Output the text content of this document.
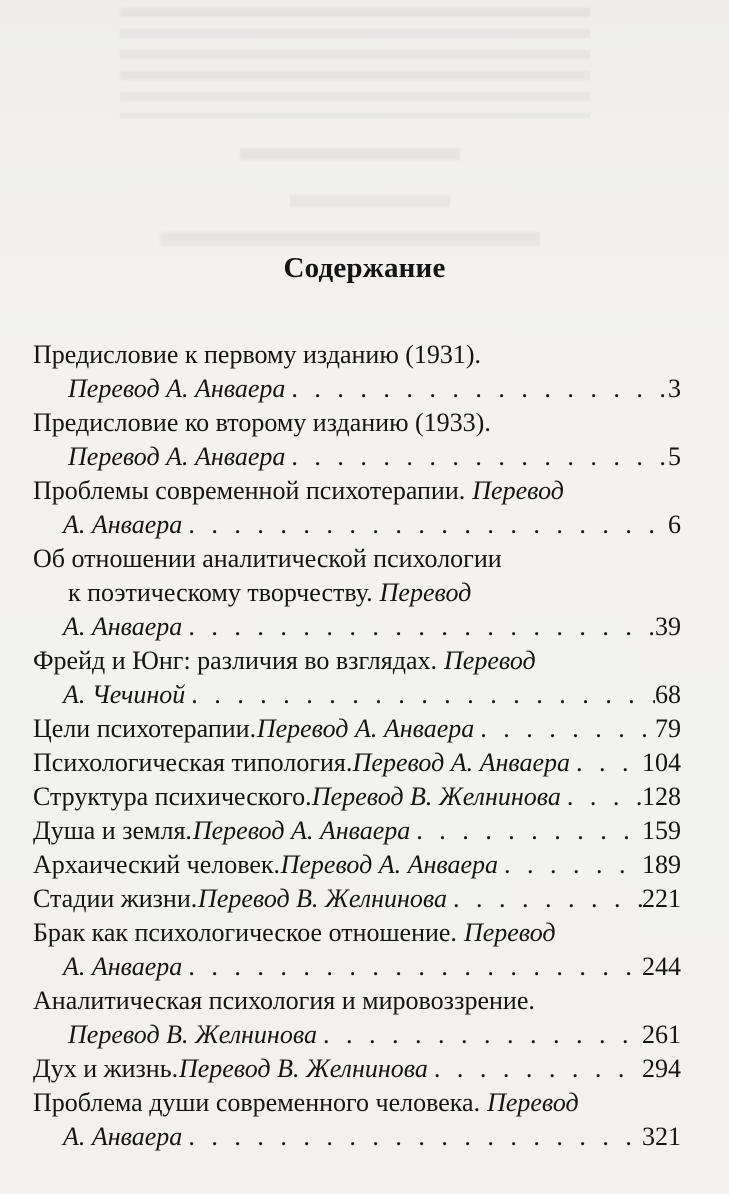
Содержание
Предисловие к первому изданию (1931).
Перевод А. Анваера . . .	3
Предисловие ко второму изданию (1933).
Перевод А. Анваера . . .	5
Проблемы современной психотерапии. Перевод
А. Анваера . . .	6
Об отношении аналитической психологии
к поэтическому творчеству. Перевод
А. Анваера . . .	39
Фрейд и Юнг: различия во взглядах. Перевод
А. Чечиной . . .	68
Цели психотерапии. Перевод А. Анваера . . .	79
Психологическая типология. Перевод А. Анваера . . .	104
Структура психического. Перевод В. Желнинова . . .	128
Душа и земля. Перевод А. Анваера . . .	159
Архаический человек. Перевод А. Анваера . . .	189
Стадии жизни. Перевод В. Желнинова . . .	221
Брак как психологическое отношение. Перевод
А. Анваера . . .	244
Аналитическая психология и мировоззрение.
Перевод В. Желнинова . . .	261
Дух и жизнь. Перевод В. Желнинова . . .	294
Проблема души современного человека. Перевод
А. Анваера . . .	321
